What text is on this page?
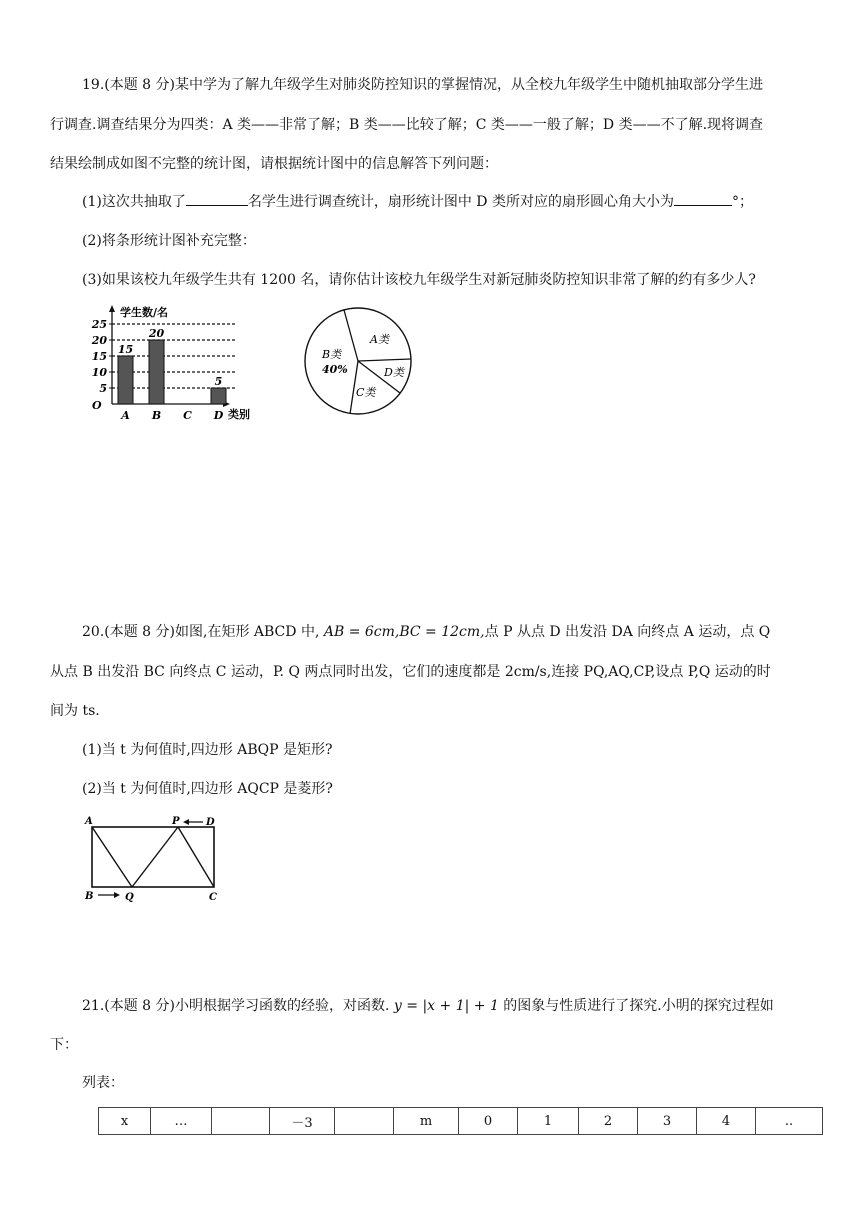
19.(本题 8 分)某中学为了解九年级学生对肺炎防控知识的掌握情况，从全校九年级学生中随机抽取部分学生进
行调查.调查结果分为四类：A 类——非常了解；B 类——比较了解；C 类——一般了解；D 类——不了解.现将调查
结果绘制成如图不完整的统计图，请根据统计图中的信息解答下列问题：
(1)这次共抽取了	名学生进行调查统计，扇形统计图中 D 类所对应的扇形圆心角大小为	°；
(2)将条形统计图补充完整：
(3)如果该校九年级学生共有 1200 名，请你估计该校九年级学生对新冠肺炎防控知识非常了解的约有多少人?
学生数/名
类别
O
5
10
15
20
25
15
A
20
B C
5
D
A类
D类
C类
B类
40%
20.(本题 8 分)如图,在矩形 ABCD 中, AB = 6cm,BC = 12cm,点 P 从点 D 出发沿 DA 向终点 A 运动，点 Q
从点 B 出发沿 BC 向终点 C 运动，P. Q 两点同时出发，它们的速度都是 2cm/s,连接 PQ,AQ,CP,设点 P,Q 运动的时
间为 ts.
(1)当 t 为何值时,四边形 ABQP 是矩形?
(2)当 t 为何值时,四边形 AQCP 是菱形?
A	P	D
B	Q	C
21.(本题 8 分)小明根据学习函数的经验，对函数. y = |x + 1| + 1 的图象与性质进行了探究.小明的探究过程如
下：
列表：
x	…		－3		m	0	1	2	3	4	..
